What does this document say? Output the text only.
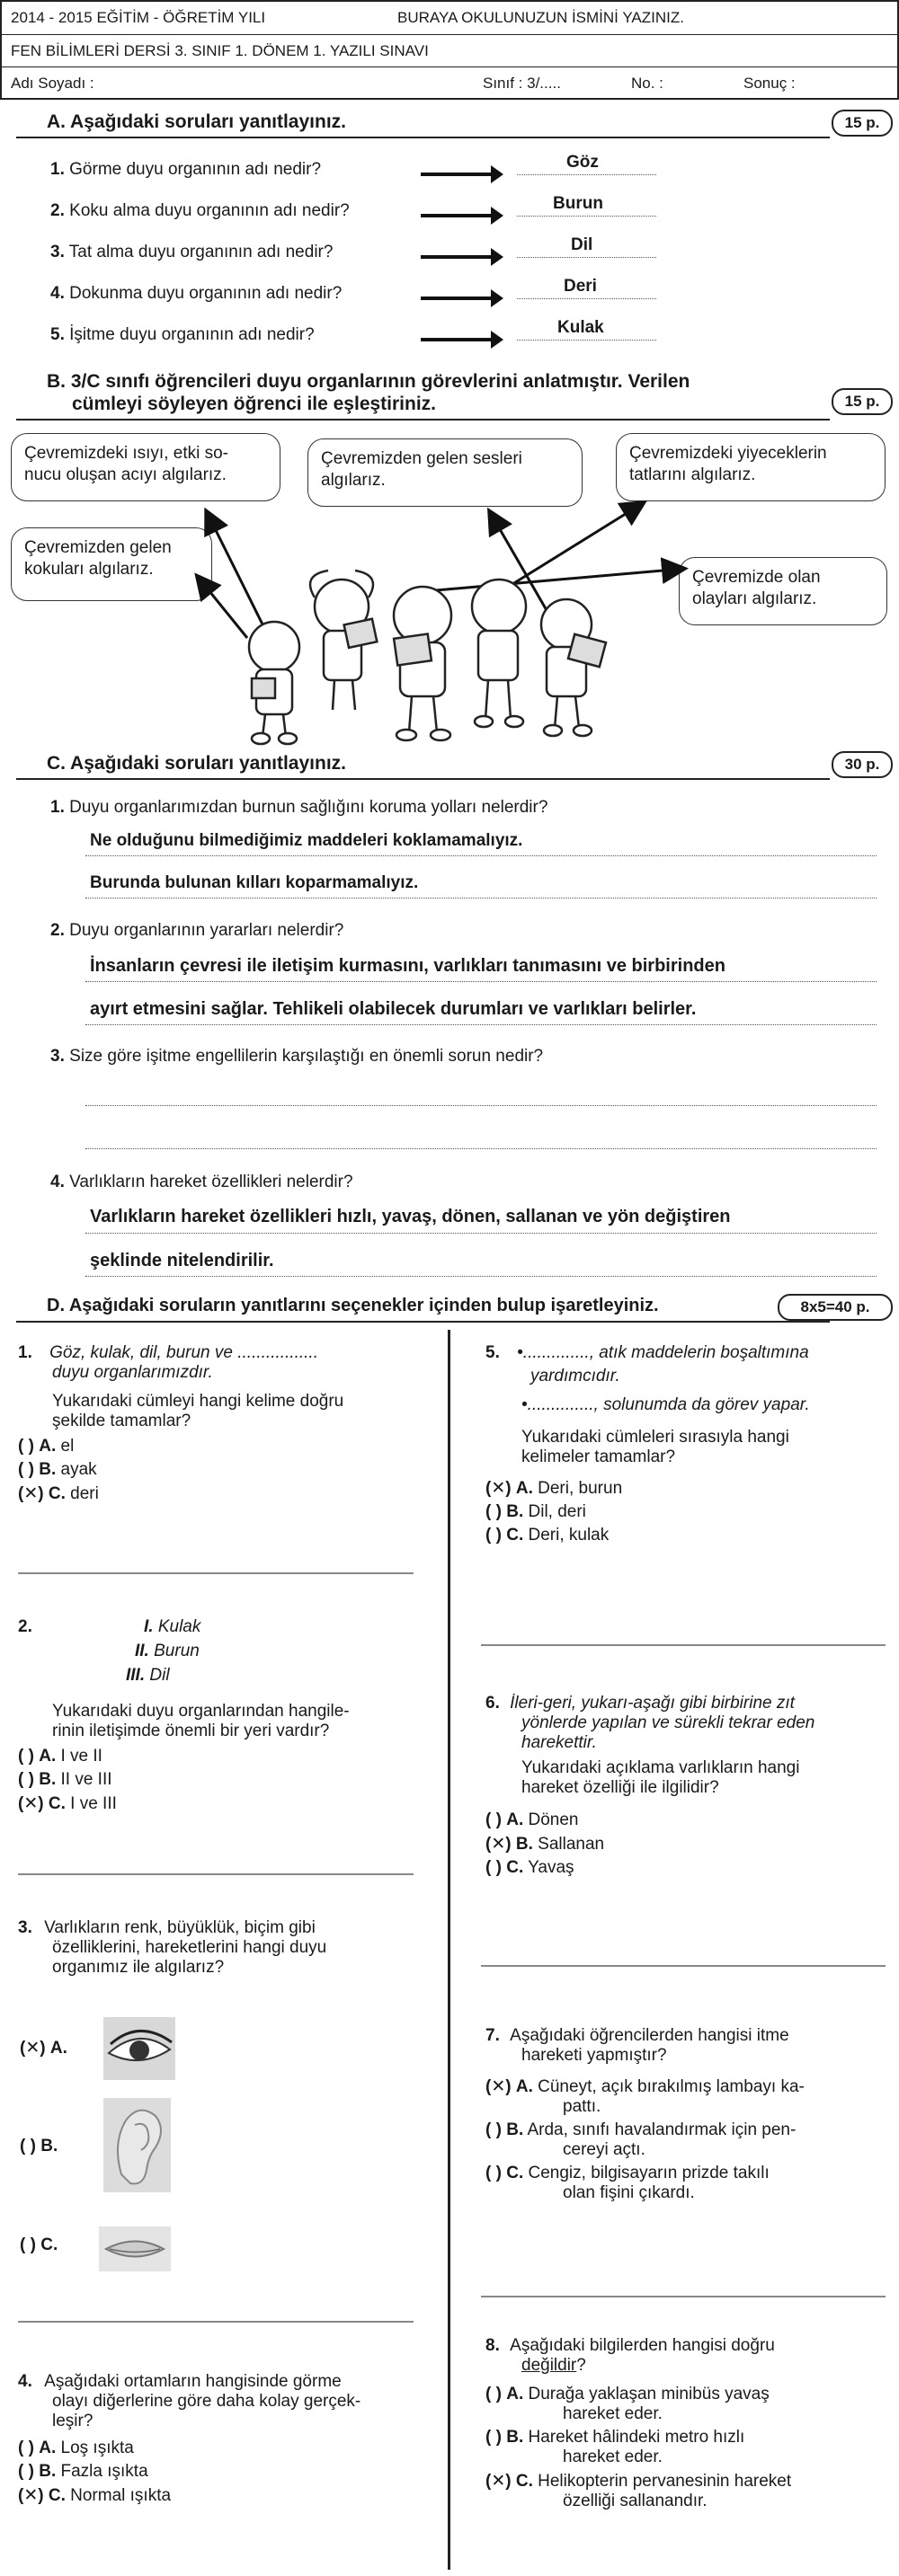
2014 - 2015 EĞİTİM - ÖĞRETİM YILI	BURAYA OKULUNUZUN İSMİNİ YAZINIZ.
FEN BİLİMLERİ DERSİ 3. SINIF 1. DÖNEM 1. YAZILI SINAVI
Adı Soyadı :	Sınıf : 3/.....	No. :	Sonuç :
A. Aşağıdaki soruları yanıtlayınız.	15 p.
1. Görme duyu organının adı nedir?	Göz
2. Koku alma duyu organının adı nedir?	Burun
3. Tat alma duyu organının adı nedir?	Dil
4. Dokunma duyu organının adı nedir?	Deri
5. İşitme duyu organının adı nedir?	Kulak
B. 3/C sınıfı öğrencileri duyu organlarının görevlerini anlatmıştır. Verilen
cümleyi söyleyen öğrenci ile eşleştiriniz.	15 p.
Çevremizdeki ısıyı, etki so- nucu oluşan acıyı algılarız.
Çevremizden gelen sesleri algılarız.
Çevremizdeki yiyeceklerin tatlarını algılarız.
Çevremizden gelen kokuları algılarız.	Çevremizde olan olayları algılarız.
C. Aşağıdaki soruları yanıtlayınız.	30 p.
1. Duyu organlarımızdan burnun sağlığını koruma yolları nelerdir?
Ne olduğunu bilmediğimiz maddeleri koklamamalıyız.
Burunda bulunan kılları koparmamalıyız.
2. Duyu organlarının yararları nelerdir?
İnsanların çevresi ile iletişim kurmasını, varlıkları tanımasını ve birbirinden
ayırt etmesini sağlar. Tehlikeli olabilecek durumları ve varlıkları belirler.
3. Size göre işitme engellilerin karşılaştığı en önemli sorun nedir?
4. Varlıkların hareket özellikleri nelerdir?
Varlıkların hareket özellikleri hızlı, yavaş, dönen, sallanan ve yön değiştiren
şeklinde nitelendirilir.
D. Aşağıdaki soruların yanıtlarını seçenekler içinden bulup işaretleyiniz.	8x5=40 p.
1. Göz, kulak, dil, burun ve .................
duyu organlarımızdır.
Yukarıdaki cümleyi hangi kelime doğru
şekilde tamamlar?
( ) A. el
( ) B. ayak
(✕) C. deri
2.	I. Kulak
II. Burun
III. Dil
Yukarıdaki duyu organlarından hangile-
rinin iletişimde önemli bir yeri vardır?
( ) A. I ve II
( ) B. II ve III
(✕) C. I ve III
3. Varlıkların renk, büyüklük, biçim gibi
özelliklerini, hareketlerini hangi duyu
organımız ile algılarız?
(✕) A.
( ) B.
( ) C.
4. Aşağıdaki ortamların hangisinde görme
olayı diğerlerine göre daha kolay gerçek-
leşir?
( ) A. Loş ışıkta
( ) B. Fazla ışıkta
(✕) C. Normal ışıkta
5. •.............., atık maddelerin boşaltımına
yardımcıdır.
•.............., solunumda da görev yapar.
Yukarıdaki cümleleri sırasıyla hangi
kelimeler tamamlar?
(✕) A. Deri, burun
( ) B. Dil, deri
( ) C. Deri, kulak
6. İleri-geri, yukarı-aşağı gibi birbirine zıt
yönlerde yapılan ve sürekli tekrar eden
harekettir.
Yukarıdaki açıklama varlıkların hangi
hareket özelliği ile ilgilidir?
( ) A. Dönen
(✕) B. Sallanan
( ) C. Yavaş
7. Aşağıdaki öğrencilerden hangisi itme
hareketi yapmıştır?
(✕) A. Cüneyt, açık bırakılmış lambayı ka-
pattı.
( ) B. Arda, sınıfı havalandırmak için pen-
cereyi açtı.
( ) C. Cengiz, bilgisayarın prizde takılı
olan fişini çıkardı.
8. Aşağıdaki bilgilerden hangisi doğru
değildir?
( ) A. Durağa yaklaşan minibüs yavaş
hareket eder.
( ) B. Hareket hâlindeki metro hızlı
hareket eder.
(✕) C. Helikopterin pervanesinin hareket
özelliği sallanandır.
